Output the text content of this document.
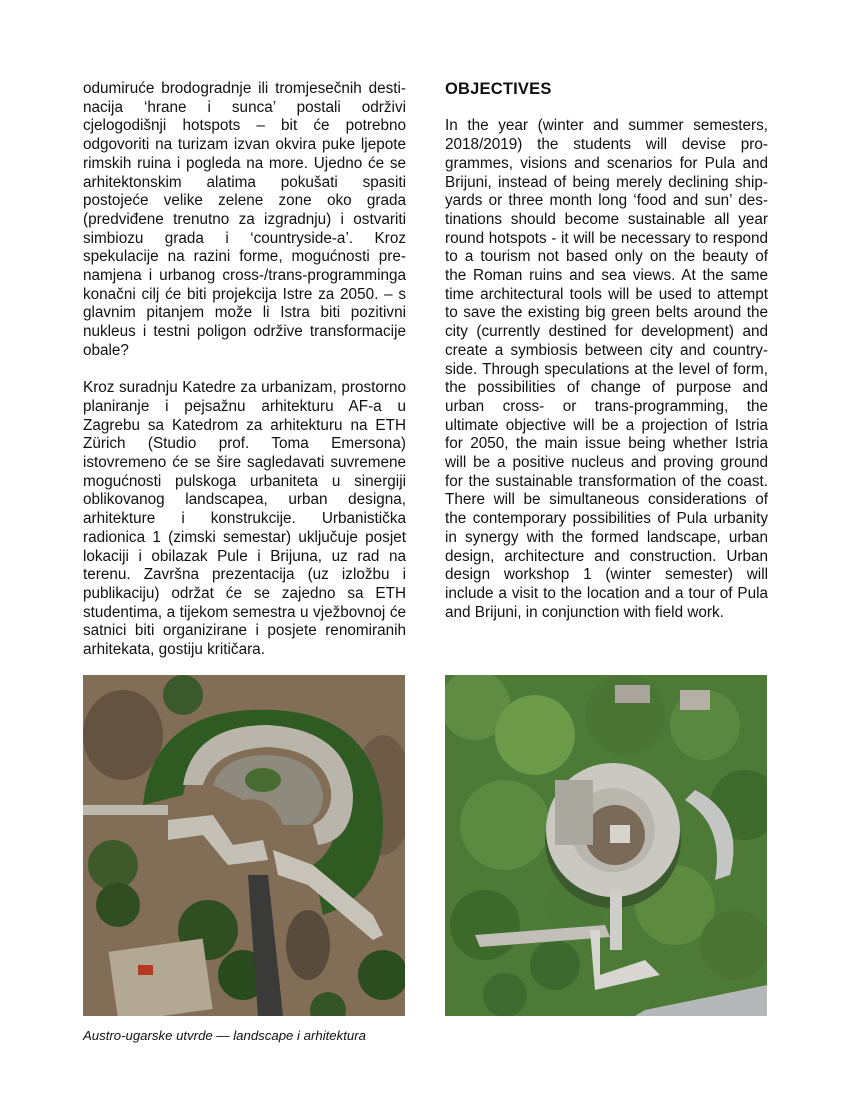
odumiruće brodogradnje ili tromjesečnih destinacija ‘hrane i sunca’ postali održivi cjelogodišnji hotspots – bit će potrebno odgovoriti na turizam izvan okvira puke ljepote rimskih ruina i pogleda na more. Ujedno će se arhitektonskim alatima pokušati spasiti postojeće velike zelene zone oko grada (predviđene trenutno za izgradnju) i ostvariti simbiozu grada i ‘countryside-a’. Kroz spekulacije na razini forme, mogućnosti prenamjena i urbanog cross-/trans-programminga konačni cilj će biti projekcija Istre za 2050. – s glavnim pitanjem može li Istra biti pozitivni nukleus i testni poligon održive transformacije obale?

Kroz suradnju Katedre za urbanizam, prostorno planiranje i pejsažnu arhitekturu AF-a u Zagrebu sa Katedrom za arhitekturu na ETH Zürich (Studio prof. Toma Emersona) istovremeno će se šire sagledavati suvremene mogućnosti pulskoga urbaniteta u sinergiji oblikovanog landscapea, urban designa, arhitekture i konstrukcije. Urbanistička radionica 1 (zimski semestar) uključuje posjet lokaciji i obilazak Pule i Brijuna, uz rad na terenu. Završna prezentacija (uz izložbu i publikaciju) održat će se zajedno sa ETH studentima, a tijekom semestra u vježbovnoj će satnici biti organizirane i posjete renomiranih arhitekata, gostiju kritičara.

OBJECTIVES

In the year (winter and summer semesters, 2018/2019) the students will devise programmes, visions and scenarios for Pula and Brijuni, instead of being merely declining shipyards or three month long ‘food and sun’ destinations should become sustainable all year round hotspots - it will be necessary to respond to a tourism not based only on the beauty of the Roman ruins and sea views. At the same time architectural tools will be used to attempt to save the existing big green belts around the city (currently destined for development) and create a symbiosis between city and countryside. Through speculations at the level of form, the possibilities of change of purpose and urban cross- or trans-programming, the ultimate objective will be a projection of Istria for 2050, the main issue being whether Istria will be a positive nucleus and proving ground for the sustainable transformation of the coast. There will be simultaneous considerations of the contemporary possibilities of Pula urbanity in synergy with the formed landscape, urban design, architecture and construction. Urban design workshop 1 (winter semester) will include a visit to the location and a tour of Pula and Brijuni, in conjunction with field work.

Austro-ugarske utvrde — landscape i arhitektura
